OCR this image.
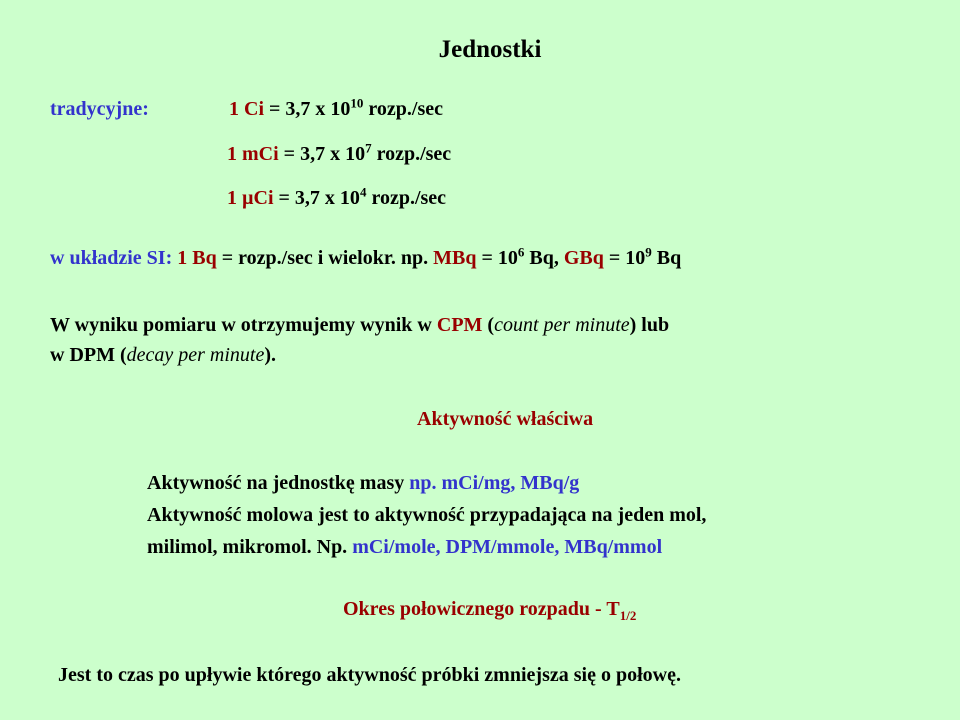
Jednostki
tradycyjne:	1 Ci = 3,7 x $10^{10}$ rozp./sec
1 mCi = 3,7 x $10^7$ rozp./sec
1 µCi = 3,7 x $10^4$ rozp./sec
w układzie SI: 1 Bq = rozp./sec i wielokr. np. MBq = $10^6$ Bq, GBq = $10^9$ Bq
W wyniku pomiaru w otrzymujemy wynik w CPM (count per minute) lub
w DPM (decay per minute).
Aktywność właściwa
Aktywność na jednostkę masy np. mCi/mg, MBq/g
Aktywność molowa jest to aktywność przypadająca na jeden mol,
milimol, mikromol. Np. mCi/mole, DPM/mmole, MBq/mmol
Okres połowicznego rozpadu - $T_{1/2}$
Jest to czas po upływie którego aktywność próbki zmniejsza się o połowę.
